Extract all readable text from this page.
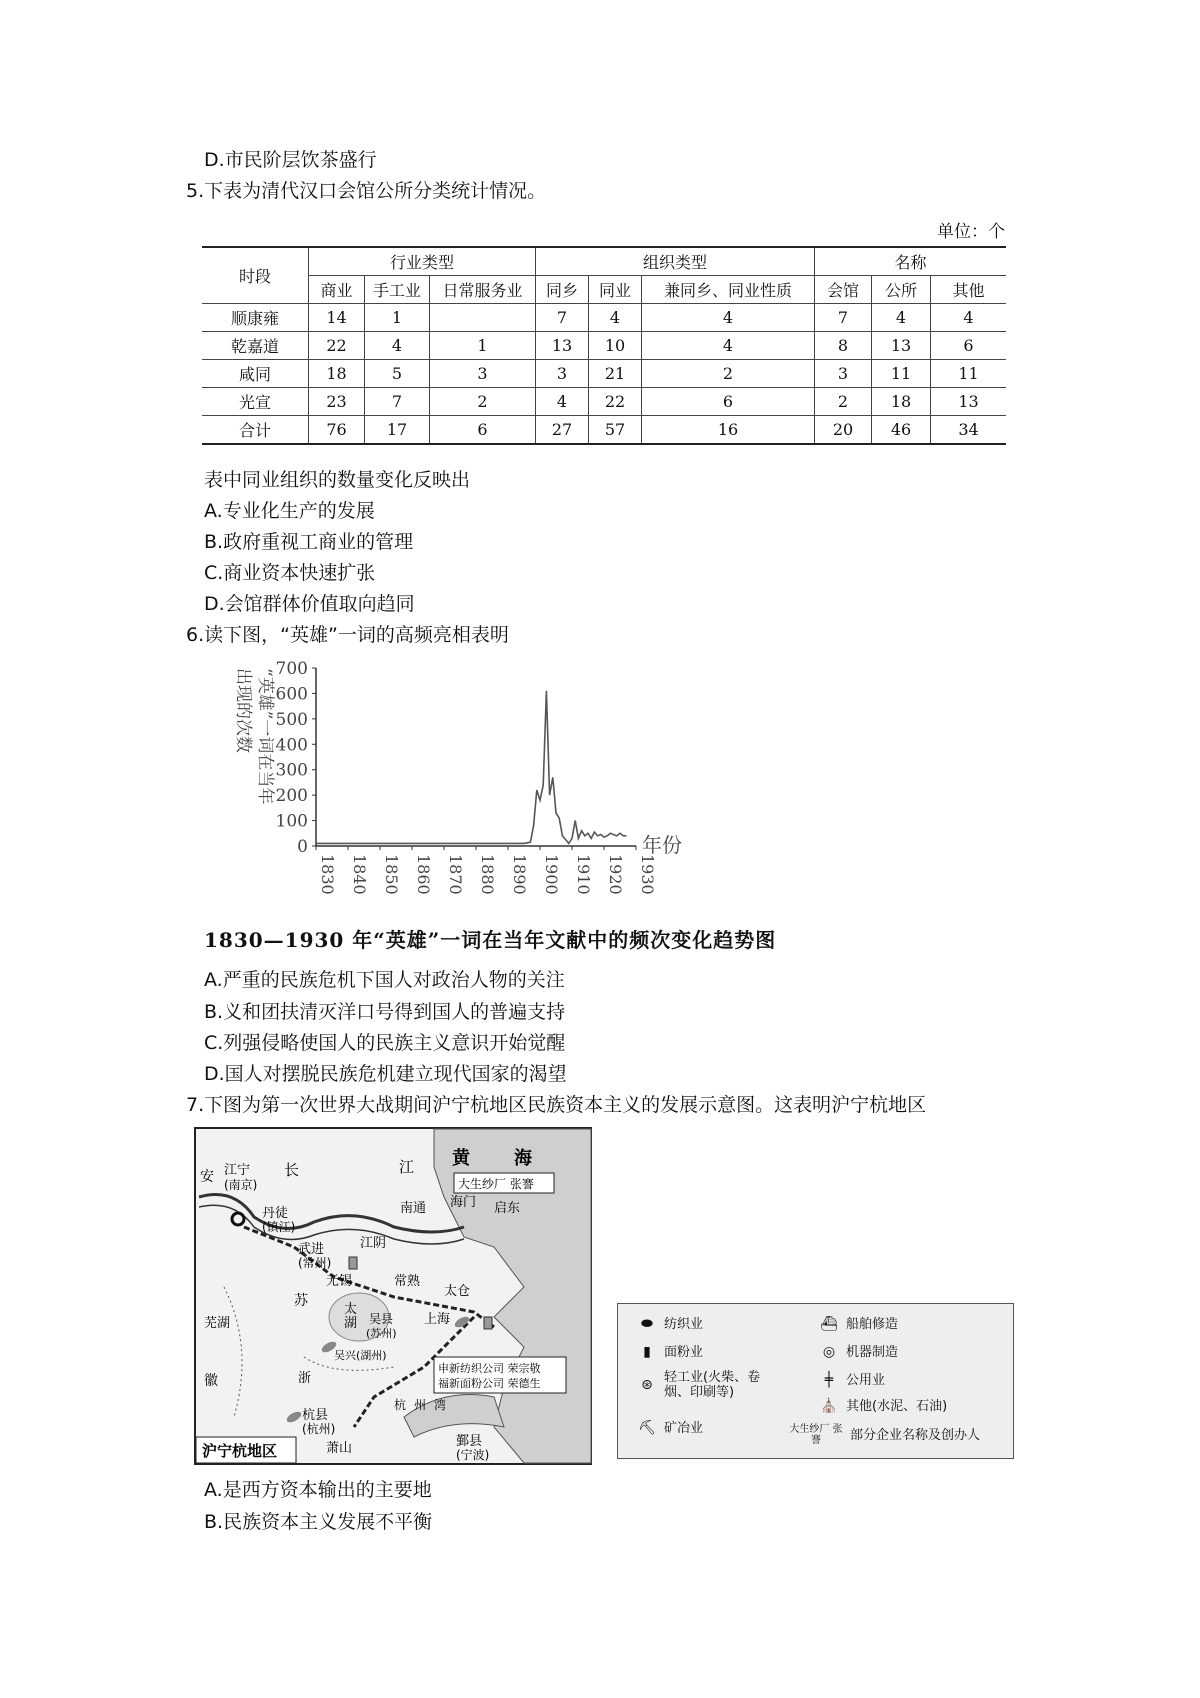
D.市民阶层饮茶盛行
5.下表为清代汉口会馆公所分类统计情况。
单位：个
时段	行业类型			组织类型			名称		
	商业	手工业	日常服务业	同乡	同业	兼同乡、同业性质	会馆	公所	其他
顺康雍	14	1		7	4	4	7	4	4
乾嘉道	22	4	1	13	10	4	8	13	6
咸同	18	5	3	3	21	2	3	11	11
光宣	23	7	2	4	22	6	2	18	13
合计	76	17	6	27	57	16	20	46	34
表中同业组织的数量变化反映出
A.专业化生产的发展
B.政府重视工商业的管理
C.商业资本快速扩张
D.会馆群体价值取向趋同
6.读下图，“英雄”一词的高频亮相表明
0
100
200
300
400
500
600
700
1830 1840 1850 1860 1870 1880 1890 1900 1910 1920 1930
年份
“英雄”一词在当年
出现的次数
1830—1930 年“英雄”一词在当年文献中的频次变化趋势图
A.严重的民族危机下国人对政治人物的关注
B.义和团扶清灭洋口号得到国人的普遍支持
C.列强侵略使国人的民族主义意识开始觉醒
D.国人对摆脱民族危机建立现代国家的渴望
7.下图为第一次世界大战期间沪宁杭地区民族资本主义的发展示意图。这表明沪宁杭地区
黄 海
江
长
安 江宁
(南京)
丹徒
(镇江)
南通 海门 启东
武进
(常州)
江阴
无锡	常熟
太仓
苏
太
湖 吴县
(苏州)
上海
芜湖
吴兴(湖州)
徽	浙
杭县
(杭州)
萧山
杭 州 湾
鄞县
(宁波)
大生纱厂 张謇
申新纺织公司 荣宗敬
福新面粉公司 荣德生
沪宁杭地区
⬬ 纺织业	⛴ 船舶修造
▮	面粉业	◎ 机器制造
⊛ 轻工业(火柴、卷烟、印刷等)
╪ 公用业
⛏ 矿冶业
⛪ 其他(水泥、石油)
大生纱厂 张謇	部分企业名称及创办人
A.是西方资本输出的主要地
B.民族资本主义发展不平衡
